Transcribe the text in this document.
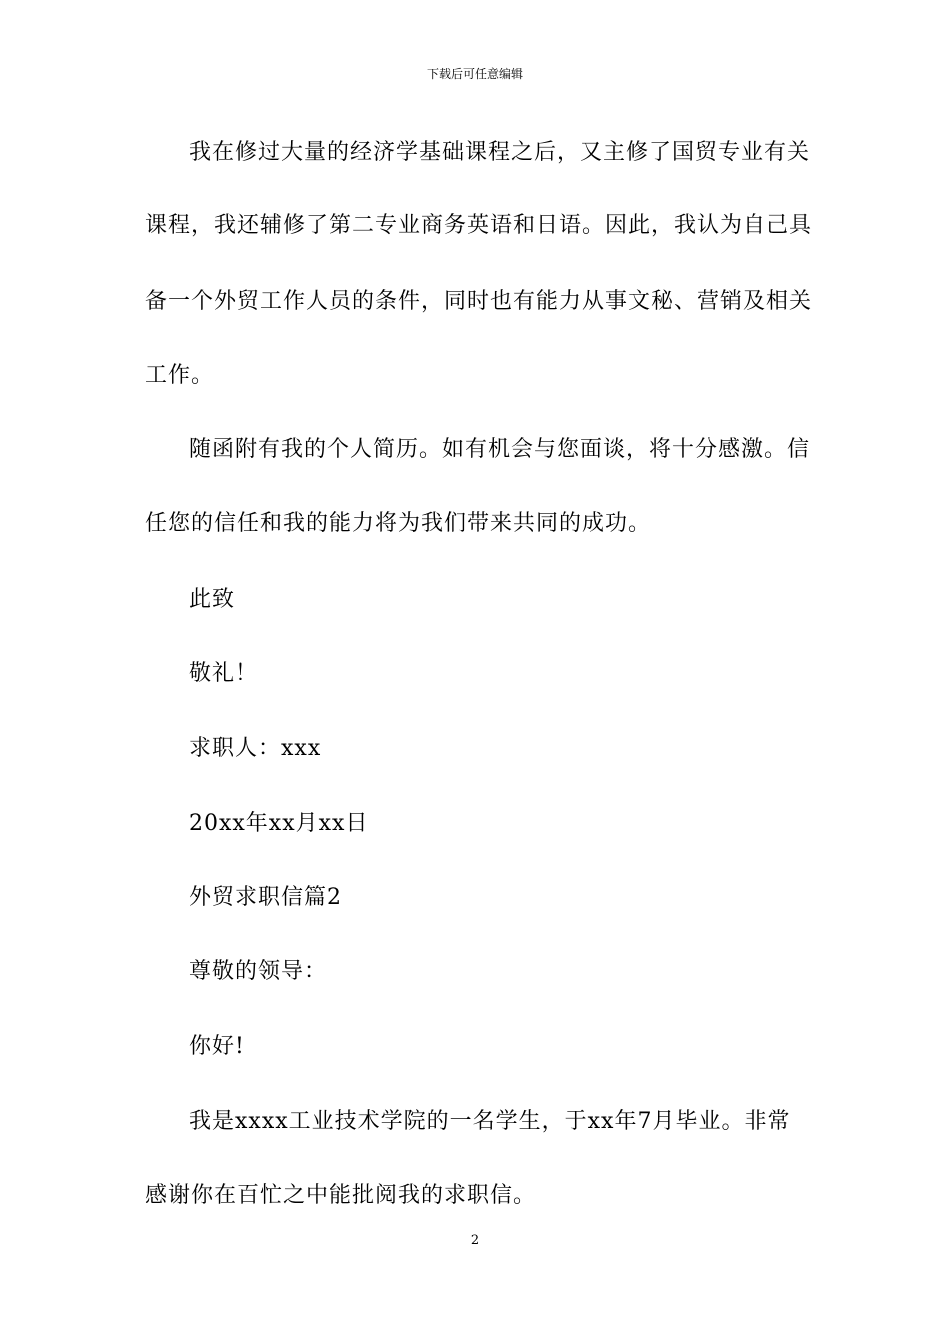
下载后可任意编辑
我在修过大量的经济学基础课程之后，又主修了国贸专业有关
课程，我还辅修了第二专业商务英语和日语。因此，我认为自己具
备一个外贸工作人员的条件，同时也有能力从事文秘、营销及相关
工作。
随函附有我的个人简历。如有机会与您面谈，将十分感激。信
任您的信任和我的能力将为我们带来共同的成功。
此致
敬礼！
求职人：xxx
20xx年xx月xx日
外贸求职信篇2
尊敬的领导：
你好!
我是xxxx工业技术学院的一名学生，于xx年7月毕业。非常
感谢你在百忙之中能批阅我的求职信。
2
